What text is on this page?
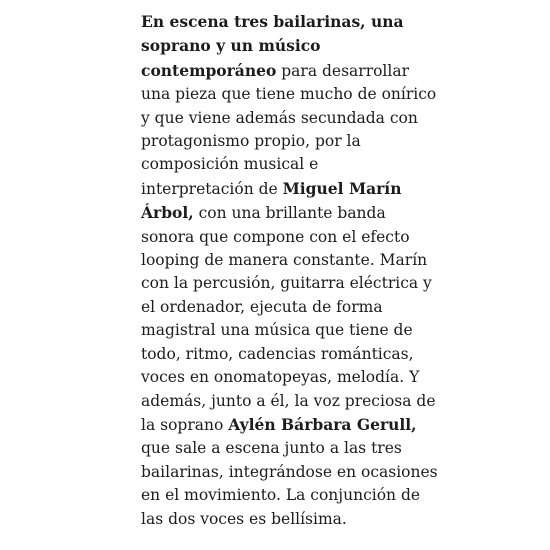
En escena tres bailarinas, una
soprano y un músico
contemporáneo para desarrollar
una pieza que tiene mucho de onírico
y que viene además secundada con
protagonismo propio, por la
composición musical e
interpretación de Miguel Marín
Árbol, con una brillante banda
sonora que compone con el efecto
looping de manera constante. Marín
con la percusión, guitarra eléctrica y
el ordenador, ejecuta de forma
magistral una música que tiene de
todo, ritmo, cadencias románticas,
voces en onomatopeyas, melodía. Y
además, junto a él, la voz preciosa de
la soprano Aylén Bárbara Gerull,
que sale a escena junto a las tres
bailarinas, integrándose en ocasiones
en el movimiento. La conjunción de
las dos voces es bellísima.
